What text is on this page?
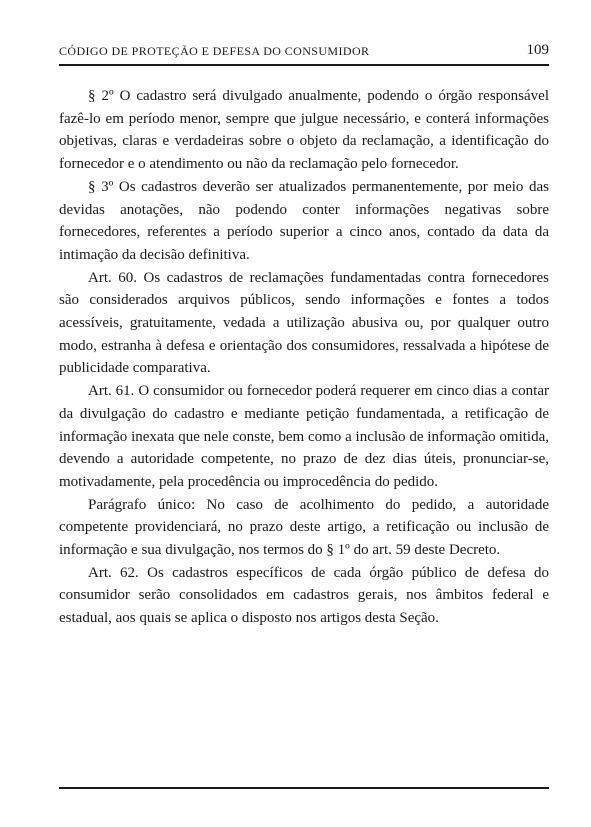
CÓDIGO DE PROTEÇÃO E DEFESA DO CONSUMIDOR	109

§ 2º O cadastro será divulgado anualmente, podendo o órgão responsável fazê-lo em período menor, sempre que julgue necessário, e conterá informações objetivas, claras e verdadeiras sobre o objeto da reclamação, a identificação do fornecedor e o atendimento ou não da reclamação pelo fornecedor.

§ 3º Os cadastros deverão ser atualizados permanentemente, por meio das devidas anotações, não podendo conter informações negativas sobre fornecedores, referentes a período superior a cinco anos, contado da data da intimação da decisão definitiva.

Art. 60. Os cadastros de reclamações fundamentadas contra fornecedores são considerados arquivos públicos, sendo informações e fontes a todos acessíveis, gratuitamente, vedada a utilização abusiva ou, por qualquer outro modo, estranha à defesa e orientação dos consumidores, ressalvada a hipótese de publicidade comparativa.

Art. 61. O consumidor ou fornecedor poderá requerer em cinco dias a contar da divulgação do cadastro e mediante petição fundamentada, a retificação de informação inexata que nele conste, bem como a inclusão de informação omitida, devendo a autoridade competente, no prazo de dez dias úteis, pronunciar-se, motivadamente, pela procedência ou improcedência do pedido.

Parágrafo único: No caso de acolhimento do pedido, a autoridade competente providenciará, no prazo deste artigo, a retificação ou inclusão de informação e sua divulgação, nos termos do § 1º do art. 59 deste Decreto.

Art. 62. Os cadastros específicos de cada órgão público de defesa do consumidor serão consolidados em cadastros gerais, nos âmbitos federal e estadual, aos quais se aplica o disposto nos artigos desta Seção.
